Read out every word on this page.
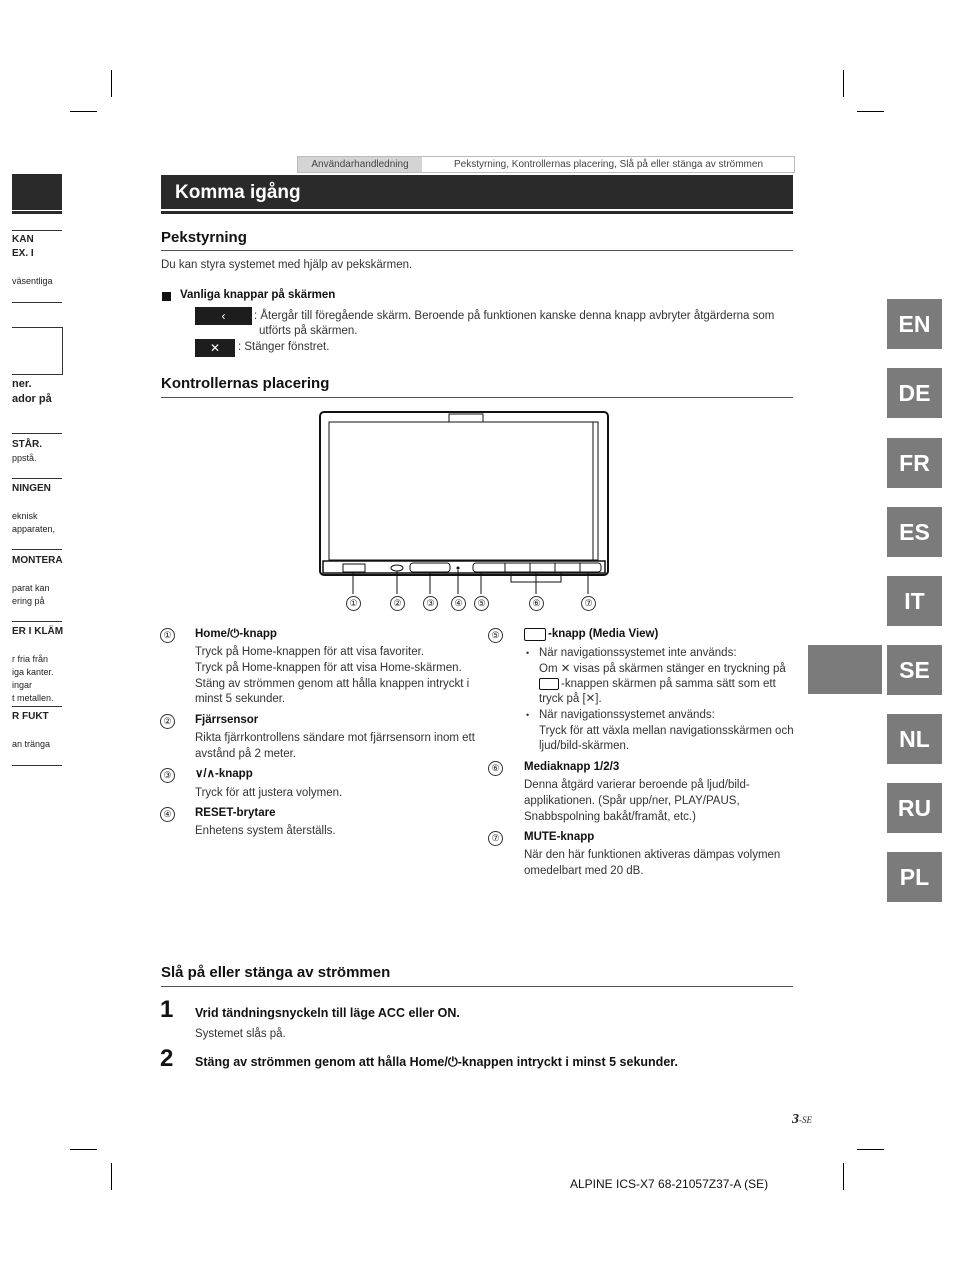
KAN
EX. I
väsentliga
ner.
ador på
STÅR.
ppstå.
NINGEN
eknisk
apparaten,
MONTERA
parat kan
ering på
ER I KLÄM
r fria från
iga kanter.
ingar
t metallen.
R FUKT
an tränga
Användarhandledning	Pekstyrning, Kontrollernas placering, Slå på eller stänga av strömmen
Komma igång
Pekstyrning
Du kan styra systemet med hjälp av pekskärmen.
Vanliga knappar på skärmen
‹	: Återgår till föregående skärm. Beroende på funktionen kanske denna knapp avbryter åtgärderna som
utförts på skärmen.
✕	: Stänger fönstret.
Kontrollernas placering
①	②	③	④	⑤	⑥	⑦
①	Home/⏻-knapp
Tryck på Home-knappen för att visa favoriter.
Tryck på Home-knappen för att visa Home-skärmen.
Stäng av strömmen genom att hålla knappen intryckt i
minst 5 sekunder.
②	Fjärrsensor
Rikta fjärrkontrollens sändare mot fjärrsensorn inom ett
avstånd på 2 meter.
③	∨/∧-knapp
Tryck för att justera volymen.
④	RESET-brytare
Enhetens system återställs.
⑤	-knapp (Media View)
• När navigationssystemet inte används:
Om ✕ visas på skärmen stänger en tryckning på
-knappen skärmen på samma sätt som ett
tryck på [✕].
• När navigationssystemet används:
Tryck för att växla mellan navigationsskärmen och
ljud/bild-skärmen.
⑥	Mediaknapp 1/2/3
Denna åtgärd varierar beroende på ljud/bild-
applikationen. (Spår upp/ner, PLAY/PAUS,
Snabbspolning bakåt/framåt, etc.)
⑦	MUTE-knapp
När den här funktionen aktiveras dämpas volymen
omedelbart med 20 dB.
Slå på eller stänga av strömmen
1 Vrid tändningsnyckeln till läge ACC eller ON.
Systemet slås på.
2 Stäng av strömmen genom att hålla Home/⏻-knappen intryckt i minst 5 sekunder.
EN
DE
FR
ES
IT
SE
NL
RU
PL
3-SE
ALPINE ICS-X7 68-21057Z37-A (SE)
